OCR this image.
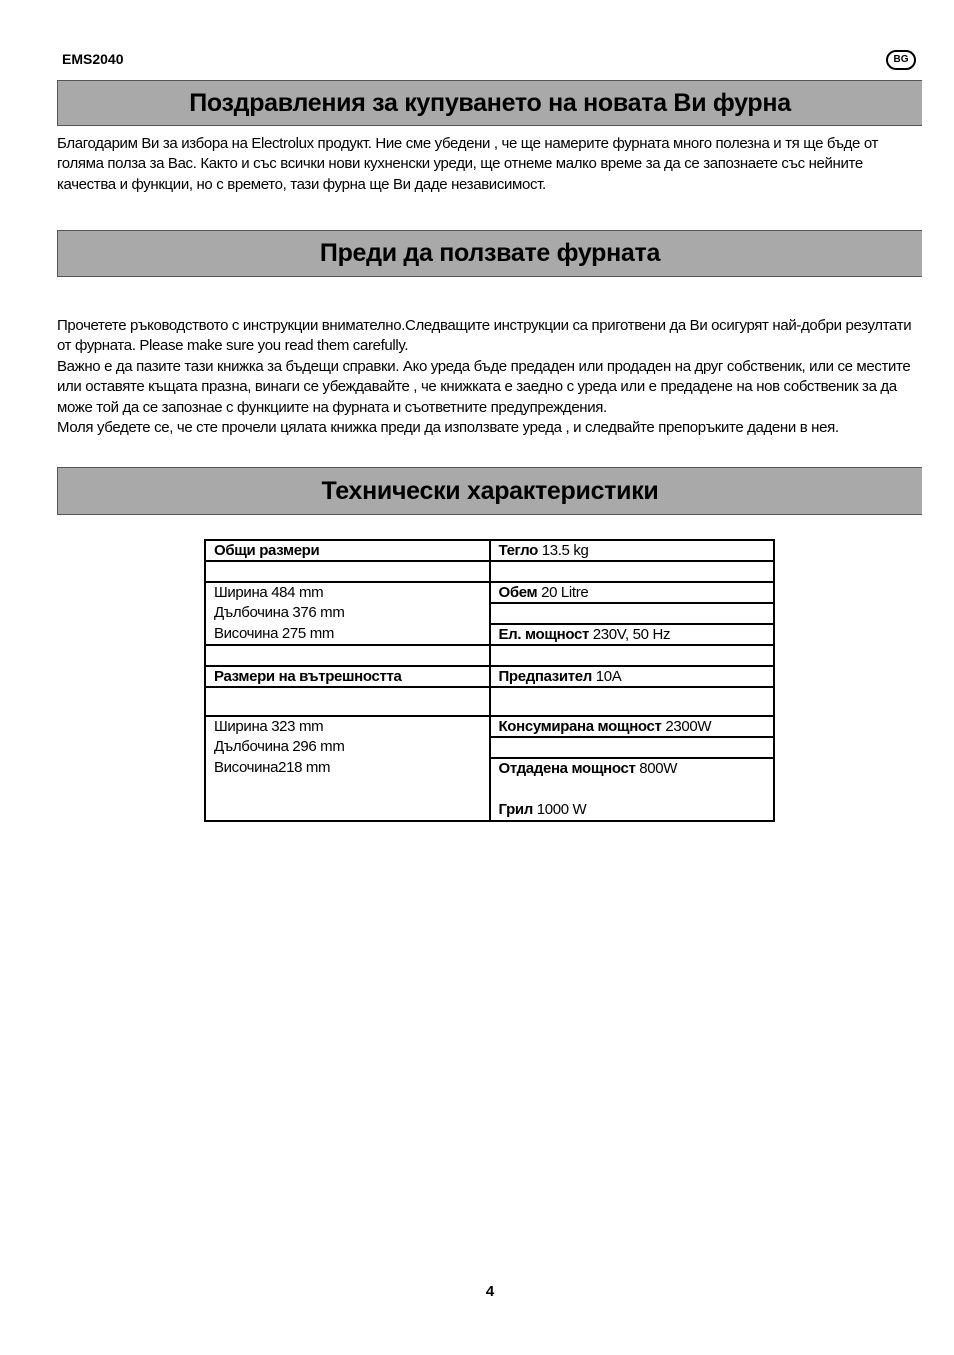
EMS2040	BG
Поздравления за купуването на новата Ви фурна

Благодарим Ви за избора на Electrolux продукт. Ние сме убедени , че ще намерите фурната много полезна и тя ще бъде от голяма полза за Вас. Както и със всички нови кухненски уреди, ще отнеме малко време за да се запознаете със нейните качества и функции, но с времето, тази фурна ще Ви даде независимост.

Преди да ползвате фурната

Прочетете ръководството с инструкции внимателно.Следващите инструкции са приготвени да Ви осигурят най-добри резултати от фурната. Please make sure you read them carefully.

Важно е да пазите тази книжка за бъдещи справки. Ако уреда бъде предаден или продаден на друг собственик, или се местите или оставяте къщата празна, винаги се убеждавайте , че книжката е заедно с уреда или е предадене на нов собственик за да може той да се запознае с функциите на фурната и съответните предупреждения.

Моля убедете се, че сте прочели цялата книжка преди да използвате уреда , и следвайте препоръките дадени в нея.

Технически характеристики
Общи размери	Тегло 13.5 kg

Ширина 484 mm	Обем 20 Litre
Дълбочина 376 mm	
Височина 275 mm	Ел. мощност 230V, 50 Hz

Размери на вътрешността	Предпазител 10A

Ширина 323 mm	Консумирана мощност 2300W
Дълбочина 296 mm	
Височина218 mm	Отдадена мощност 800W
Грил 1000 W
4
